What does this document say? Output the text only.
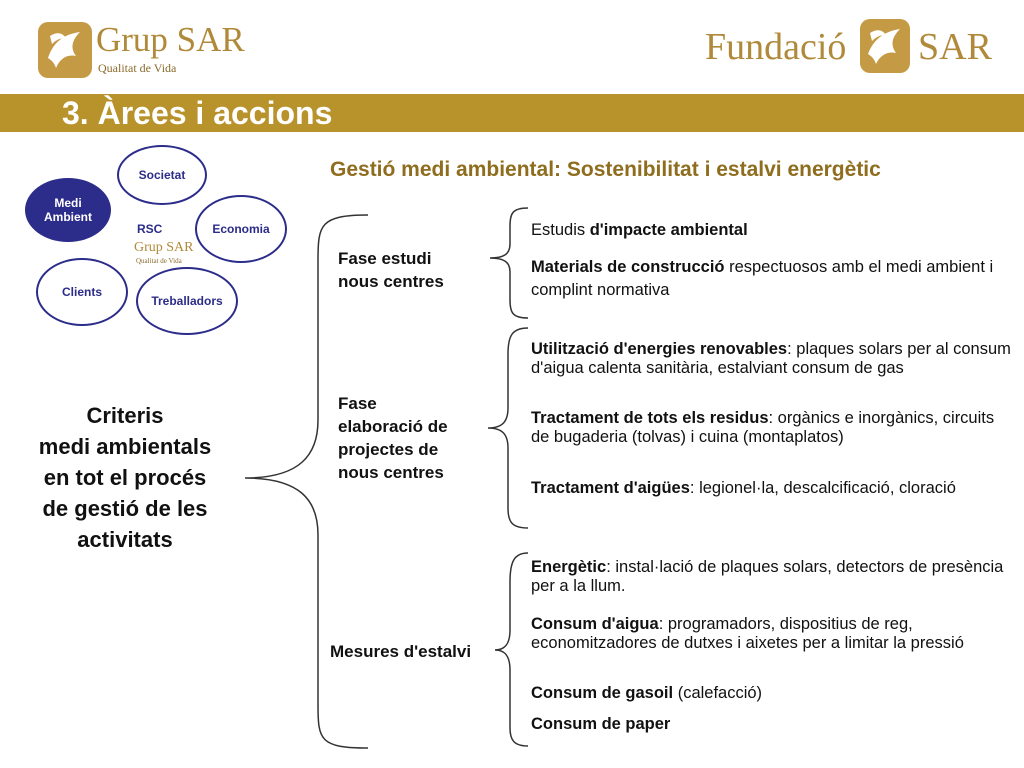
Grup SAR
Qualitat de Vida	Fundació SAR
3. Àrees i accions
Gestió medi ambiental: Sostenibilitat i estalvi energètic
Societat
Medi
Ambient
Economia
Clients
Treballadors
RSC
Grup SAR
Qualitat de Vida
Criteris
medi ambientals
en tot el procés
de gestió de les
activitats
Fase estudi
nous centres
Fase
elaboració de
projectes de
nous centres
Mesures d'estalvi
Estudis d'impacte ambiental
Materials de construcció respectuosos amb el medi ambient i complint normativa
Utilització d'energies renovables: plaques solars per al consum d'aigua calenta sanitària, estalviant consum de gas
Tractament de tots els residus: orgànics e inorgànics, circuits de bugaderia (tolvas) i cuina (montaplatos)
Tractament d'aigües: legionel·la, descalcificació, cloració
Energètic: instal·lació de plaques solars, detectors de presència per a la llum.
Consum d'aigua: programadors, dispositius de reg, economitzadores de dutxes i aixetes per a limitar la pressió
Consum de gasoil (calefacció)
Consum de paper
